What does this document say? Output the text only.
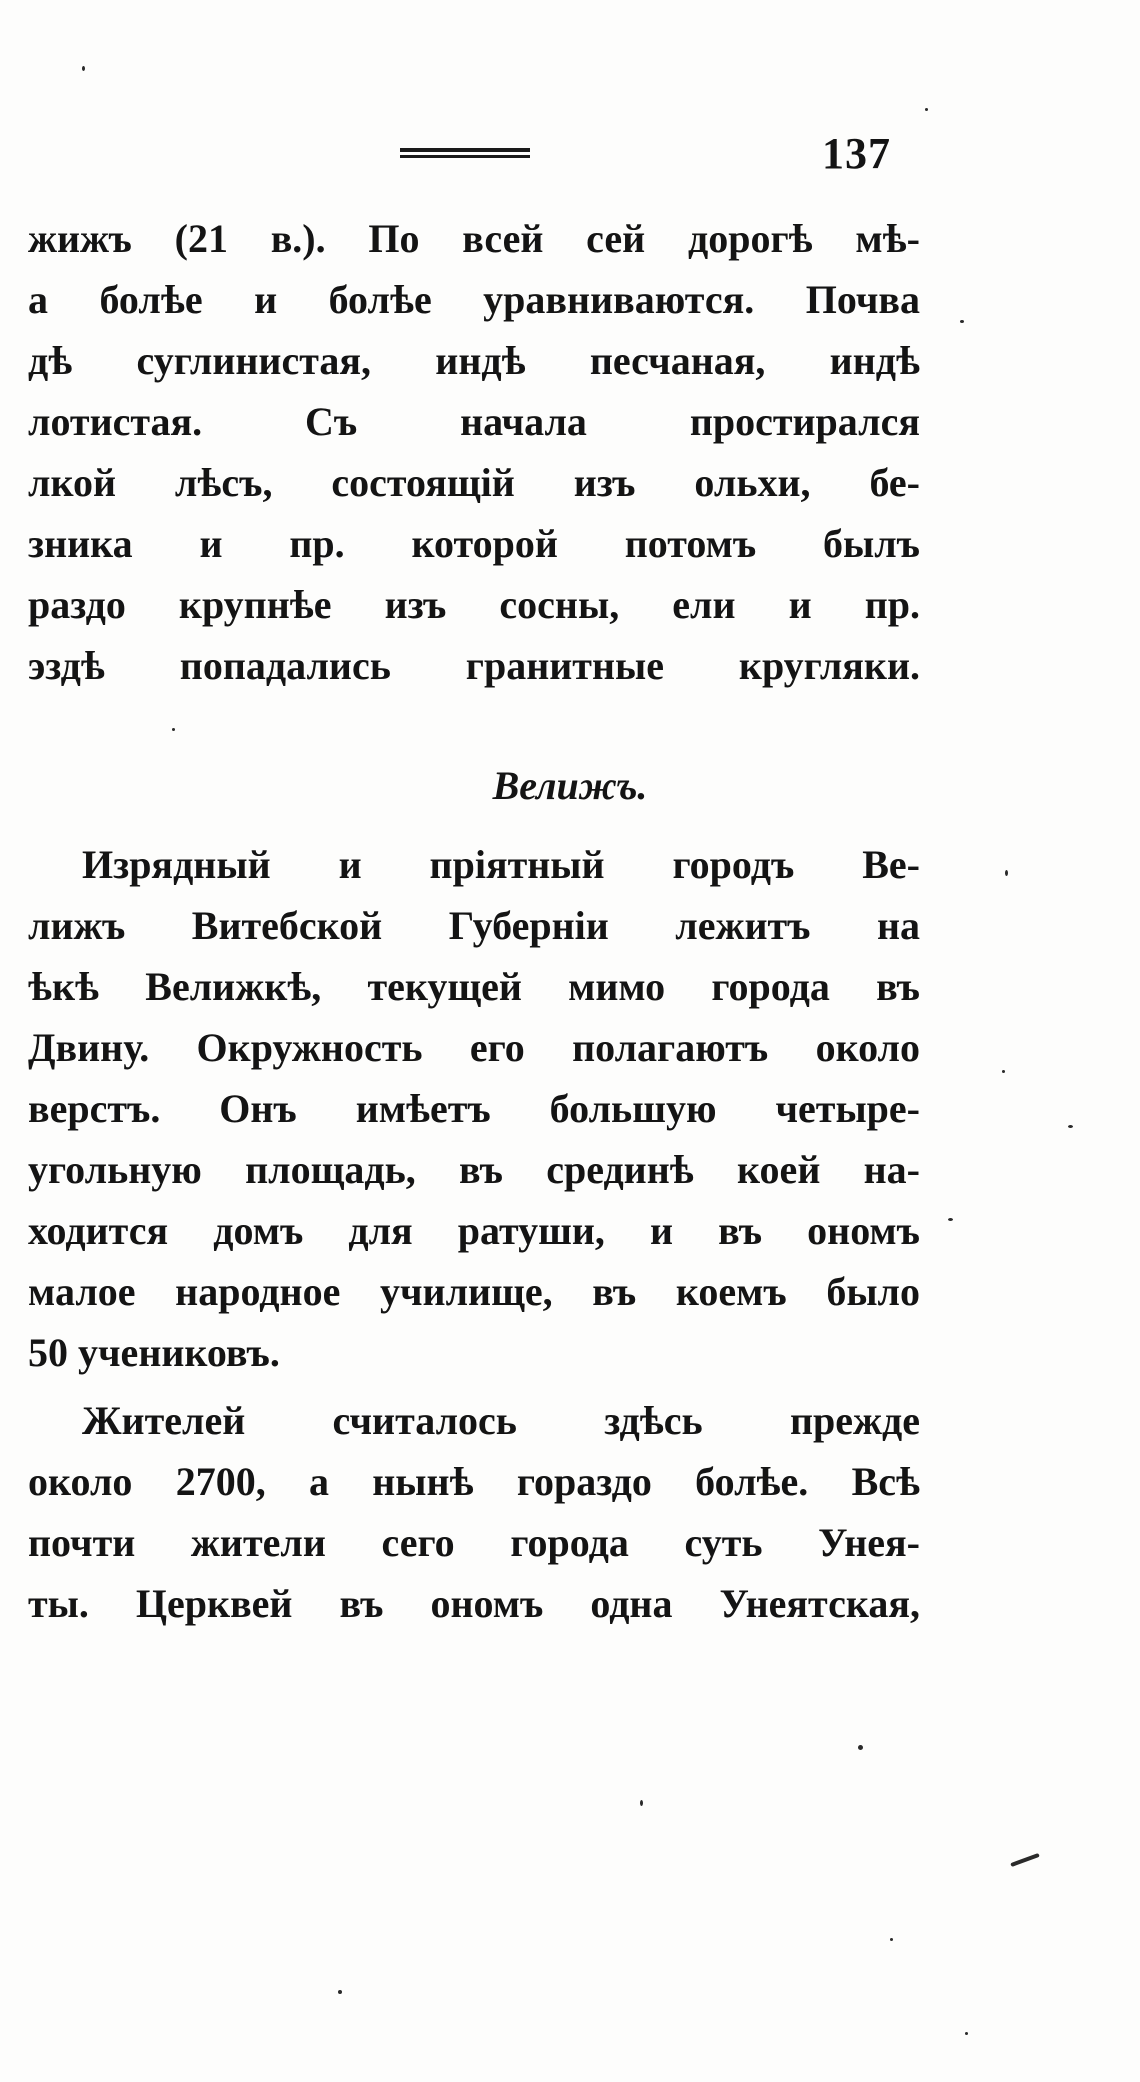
137
жижъ (21 в.). По всей сей дорогѣ мѣ-
а болѣе и болѣе уравниваются. Почва
дѣ суглинистая, индѣ песчаная, индѣ
лотистая. Съ начала простирался
лкой лѣсъ, состоящій изъ ольхи, бе-
зника и пр. которой потомъ былъ
раздо крупнѣе изъ сосны, ели и пр.
эздѣ попадались гранитные кругляки.
Велижъ.
Изрядный и пріятный городъ Ве-
лижъ Витебской Губерніи лежитъ на
ѣкѣ Велижкѣ, текущей мимо города въ
Двину. Окружность его полагаютъ около
верстъ. Онъ имѣетъ большую четыре-
угольную площадь, въ срединѣ коей на-
ходится домъ для ратуши, и въ ономъ
малое народное училище, въ коемъ было
50 учениковъ.
Жителей считалось здѣсь прежде
около 2700, а нынѣ гораздо болѣе. Всѣ
почти жители сего города суть Унея-
ты. Церквей въ ономъ одна Унеятская,
